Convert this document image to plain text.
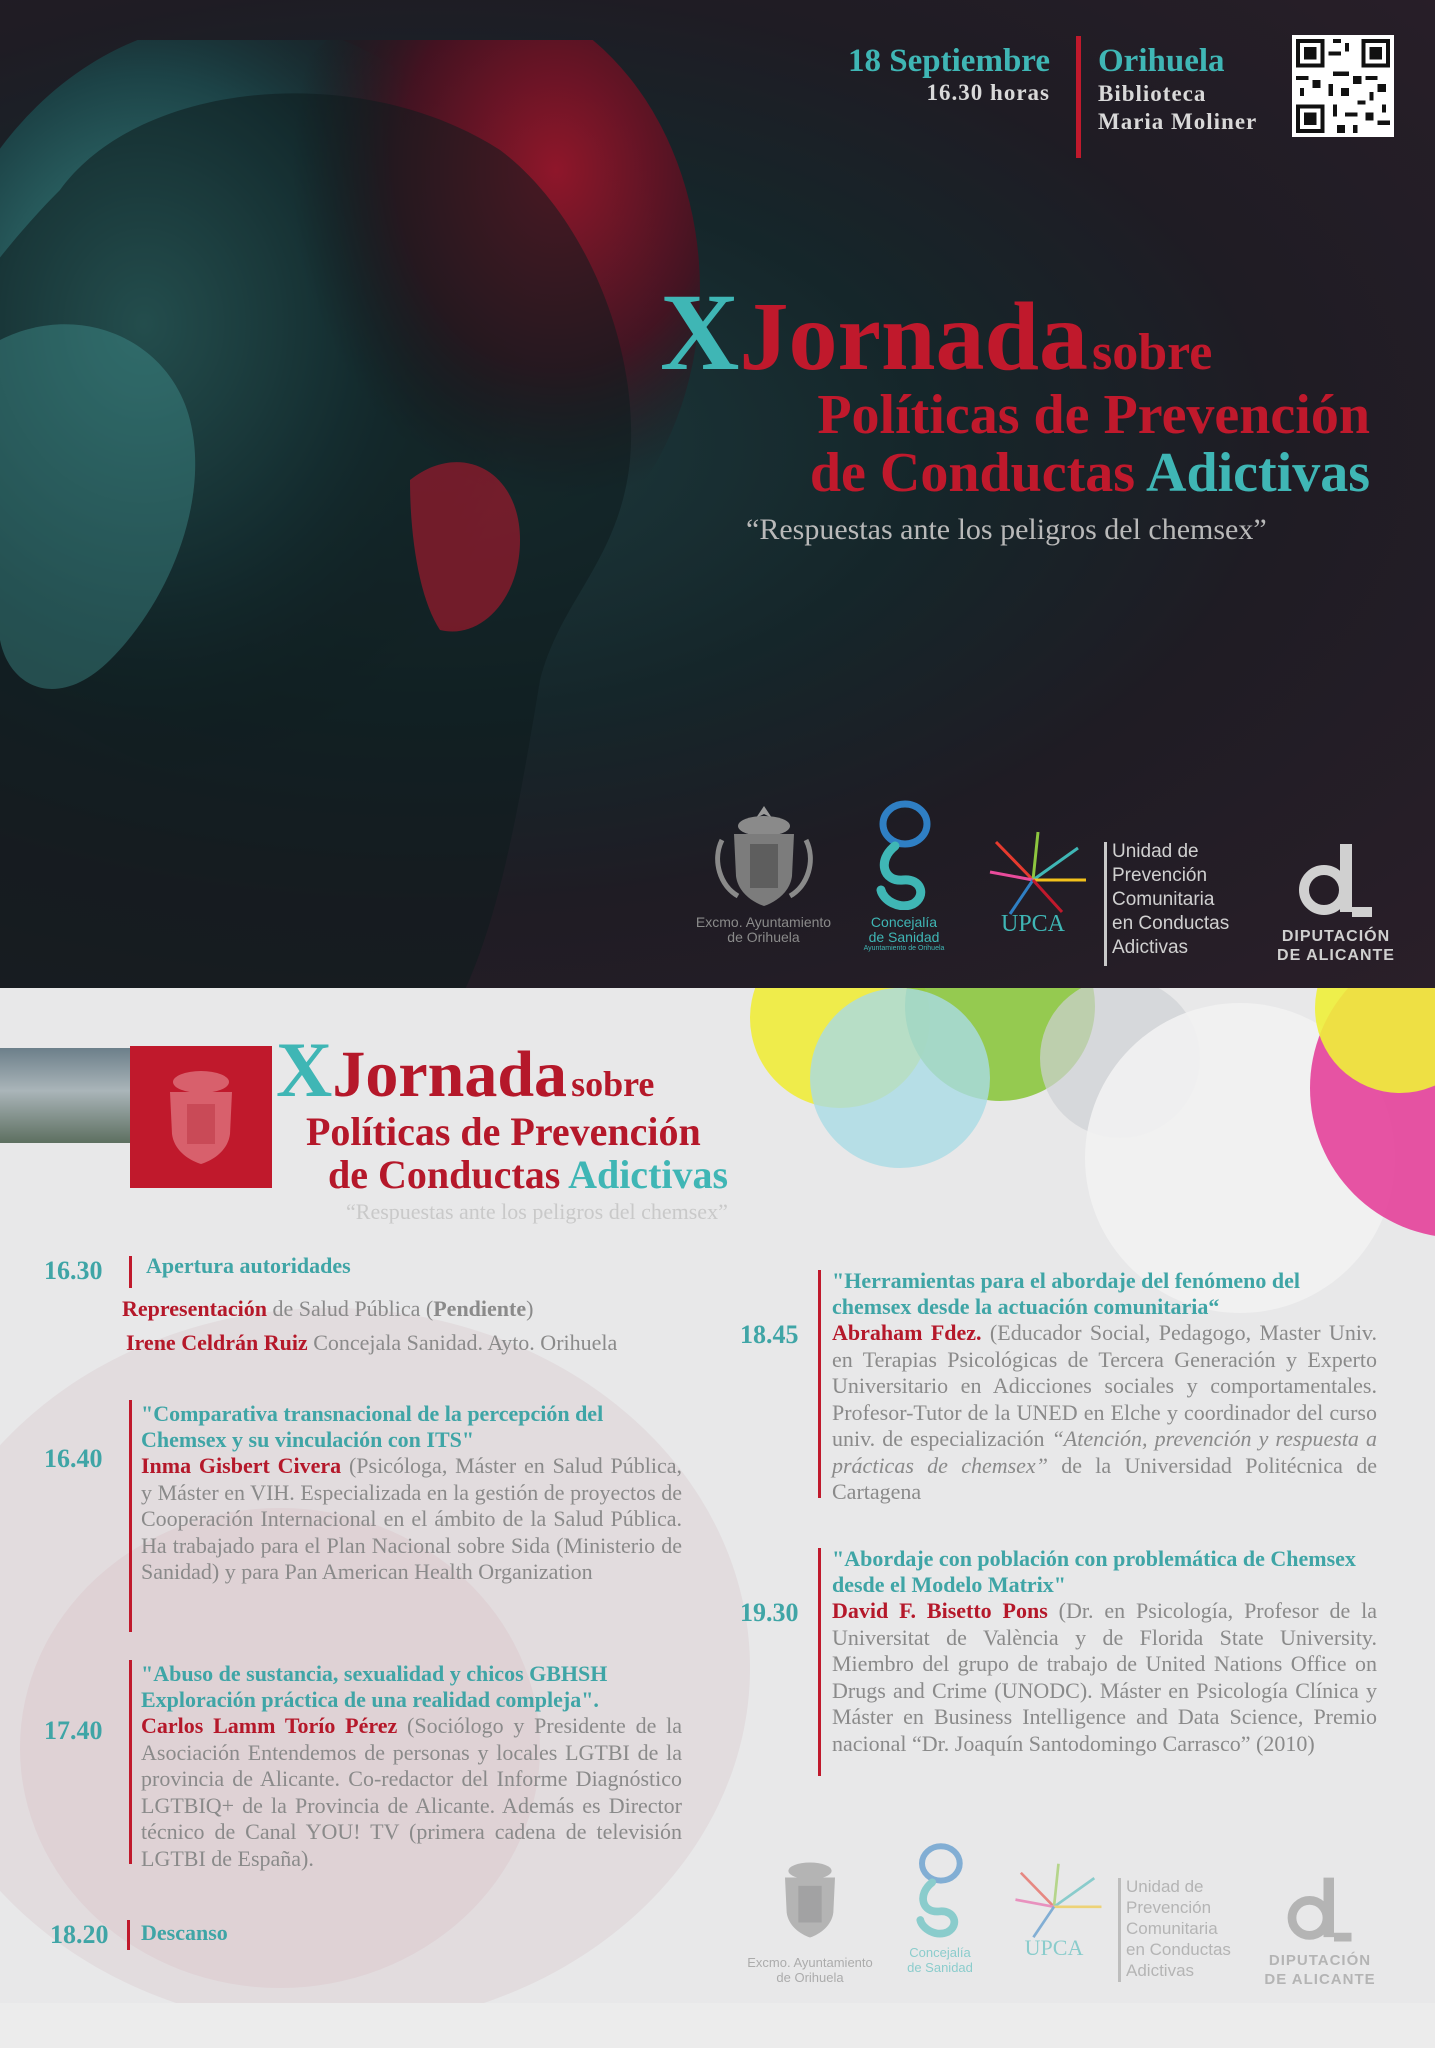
18 Septiembre
16.30 horas
Orihuela
Biblioteca
Maria Moliner
XJornada sobre
Políticas de Prevención
de Conductas Adictivas
“Respuestas ante los peligros del chemsex”
Excmo. Ayuntamiento
de Orihuela
Concejalía
de Sanidad
Ayuntamiento de Orihuela
UPCA
Unidad de
Prevención
Comunitaria
en Conductas
Adictivas
DIPUTACIÓN
DE ALICANTE
XJornada sobre
Políticas de Prevención
de Conductas Adictivas
“Respuestas ante los peligros del chemsex”
16.30 Apertura autoridades
Representación de Salud Pública (Pendiente)
Irene Celdrán Ruiz Concejala Sanidad. Ayto. Orihuela
16.40
"Comparativa transnacional de la percepción del Chemsex y su vinculación con ITS"
Inma Gisbert Civera (Psicóloga, Máster en Salud Pública, y Máster en VIH. Especializada en la gestión de proyectos de Cooperación Internacional en el ámbito de la Salud Pública. Ha trabajado para el Plan Nacional sobre Sida (Ministerio de Sanidad) y para Pan American Health Organization
17.40
"Abuso de sustancia, sexualidad y chicos GBHSH Exploración práctica de una realidad compleja".
Carlos Lamm Torío Pérez (Sociólogo y Presidente de la Asociación Entendemos de personas y locales LGTBI de la provincia de Alicante. Co-redactor del Informe Diagnóstico LGTBIQ+ de la Provincia de Alicante. Además es Director técnico de Canal YOU! TV (primera cadena de televisión LGTBI de España).
18.20 Descanso
18.45
"Herramientas para el abordaje del fenómeno del chemsex desde la actuación comunitaria“
Abraham Fdez. (Educador Social, Pedagogo, Master Univ. en Terapias Psicológicas de Tercera Generación y Experto Universitario en Adicciones sociales y comportamentales. Profesor-Tutor de la UNED en Elche y coordinador del curso univ. de especialización “Atención, prevención y respuesta a prácticas de chemsex” de la Universidad Politécnica de Cartagena
19.30
"Abordaje con población con problemática de Chemsex desde el Modelo Matrix"
David F. Bisetto Pons (Dr. en Psicología, Profesor de la Universitat de València y de Florida State University. Miembro del grupo de trabajo de United Nations Office on Drugs and Crime (UNODC). Máster en Psicología Clínica y Máster en Business Intelligence and Data Science, Premio nacional “Dr. Joaquín Santodomingo Carrasco” (2010)
Excmo. Ayuntamiento
de Orihuela
Concejalía
de Sanidad
UPCA
Unidad de
Prevención
Comunitaria
en Conductas
Adictivas
DIPUTACIÓN
DE ALICANTE
